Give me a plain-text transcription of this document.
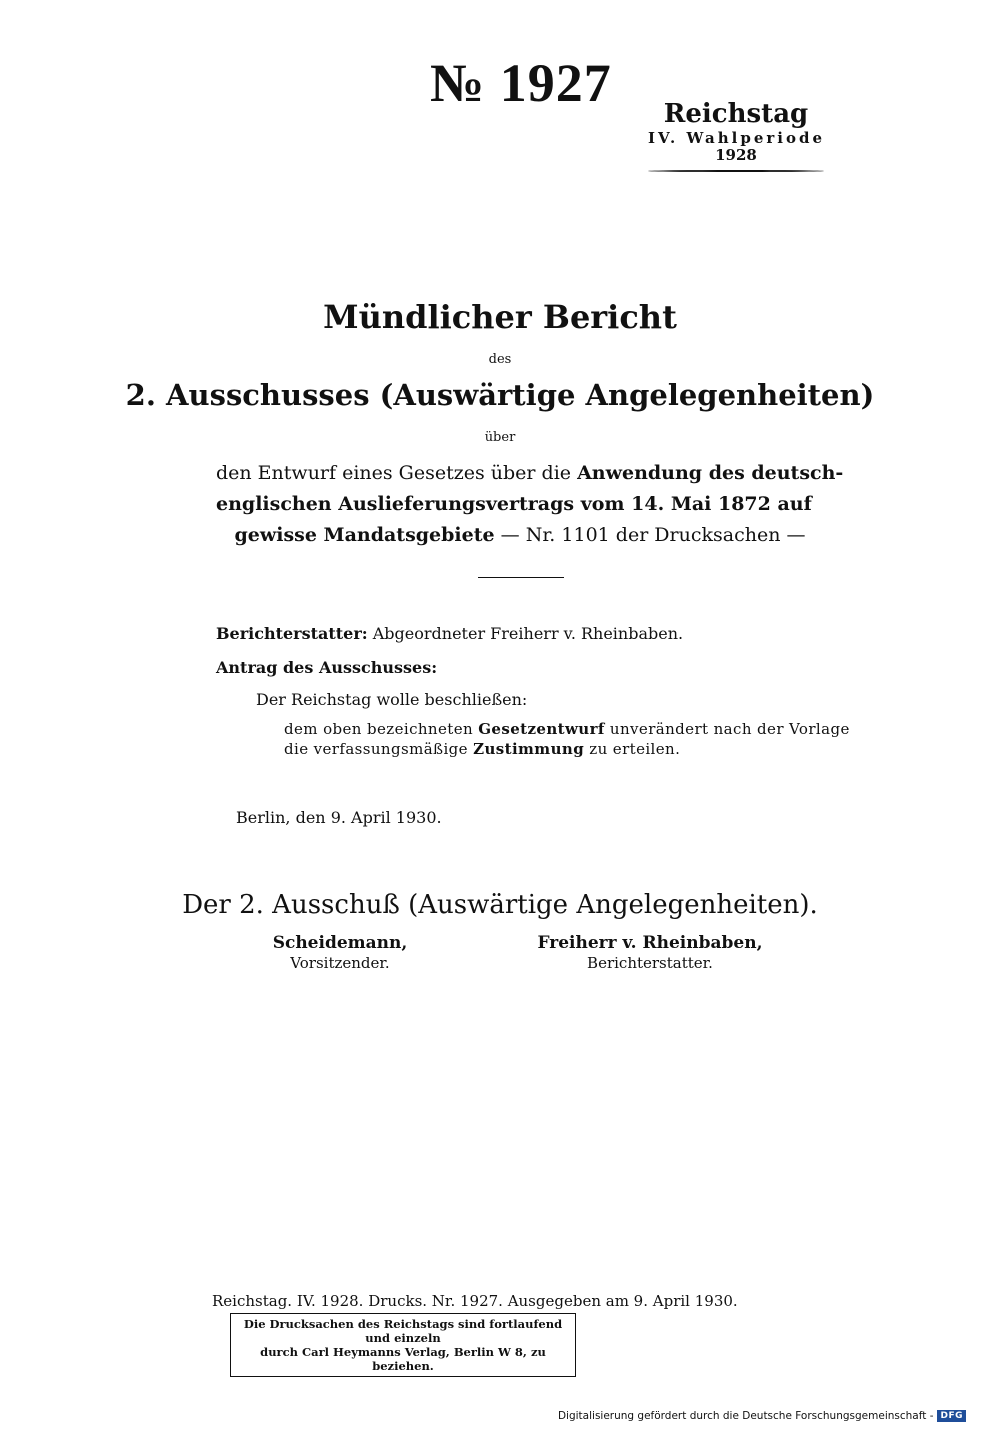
№ 1927
Reichstag
IV. Wahlperiode
1928
Mündlicher Bericht
des
2. Ausschusses (Auswärtige Angelegenheiten)
über
den Entwurf eines Gesetzes über die Anwendung des deutsch-
englischen Auslieferungsvertrags vom 14. Mai 1872 auf
gewisse Mandatsgebiete — Nr. 1101 der Drucksachen —
Berichterstatter: Abgeordneter Freiherr v. Rheinbaben.
Antrag des Ausschusses:
Der Reichstag wolle beschließen:
dem oben bezeichneten Gesetzentwurf unverändert nach der Vorlage
die verfassungsmäßige Zustimmung zu erteilen.
Berlin, den 9. April 1930.
Der 2. Ausschuß (Auswärtige Angelegenheiten).
Scheidemann,
Vorsitzender.
Freiherr v. Rheinbaben,
Berichterstatter.
Reichstag. IV. 1928. Drucks. Nr. 1927. Ausgegeben am 9. April 1930.
Die Drucksachen des Reichstags sind fortlaufend und einzeln
durch Carl Heymanns Verlag, Berlin W 8, zu beziehen.
Digitalisierung gefördert durch die Deutsche Forschungsgemeinschaft - DFG
